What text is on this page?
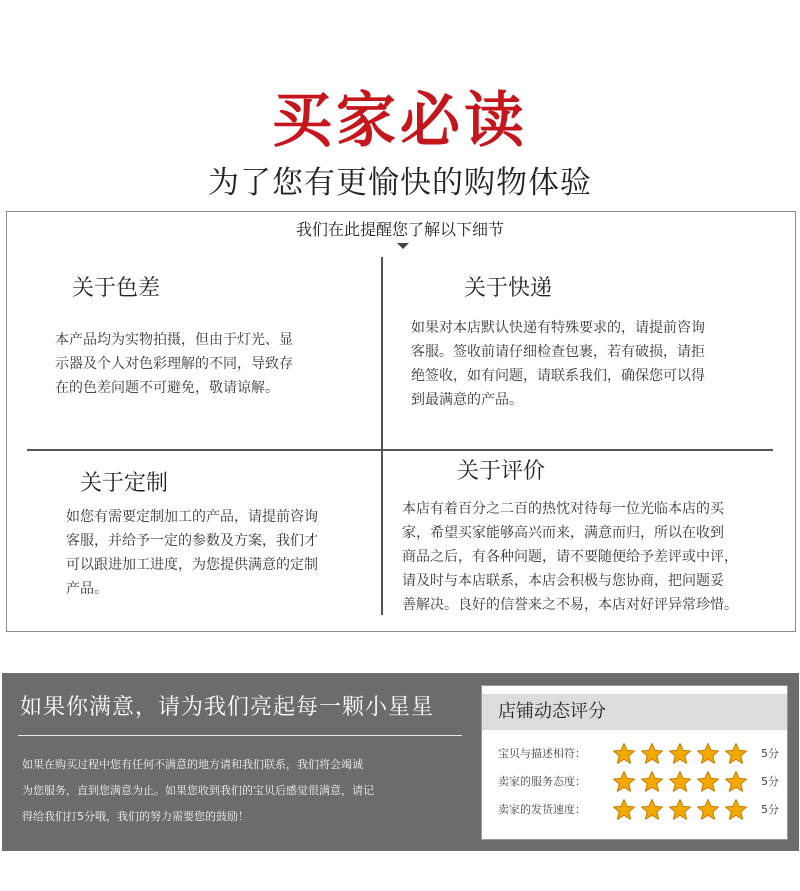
买家必读
为了您有更愉快的购物体验
我们在此提醒您了解以下细节
关于色差
本产品均为实物拍摄，但由于灯光、显
示器及个人对色彩理解的不同，导致存
在的色差问题不可避免，敬请谅解。
关于快递
如果对本店默认快递有特殊要求的，请提前咨询
客服。签收前请仔细检查包裹，若有破损，请拒
绝签收，如有问题，请联系我们，确保您可以得
到最满意的产品。
关于定制
如您有需要定制加工的产品，请提前咨询
客服，并给予一定的参数及方案，我们才
可以跟进加工进度，为您提供满意的定制
产品。
关于评价
本店有着百分之二百的热忱对待每一位光临本店的买
家，希望买家能够高兴而来，满意而归，所以在收到
商品之后，有各种问题，请不要随便给予差评或中评，
请及时与本店联系，本店会积极与您协商，把问题妥
善解决。良好的信誉来之不易，本店对好评异常珍惜。
如果你满意，请为我们亮起每一颗小星星
如果在购买过程中您有任何不满意的地方请和我们联系，我们将会竭诚
为您服务，直到您满意为止。如果您收到我们的宝贝后感觉很满意，请记
得给我们打5分哦，我们的努力需要您的鼓励！
店铺动态评分
宝贝与描述相符：	5分
卖家的服务态度：	5分
卖家的发货速度：	5分
